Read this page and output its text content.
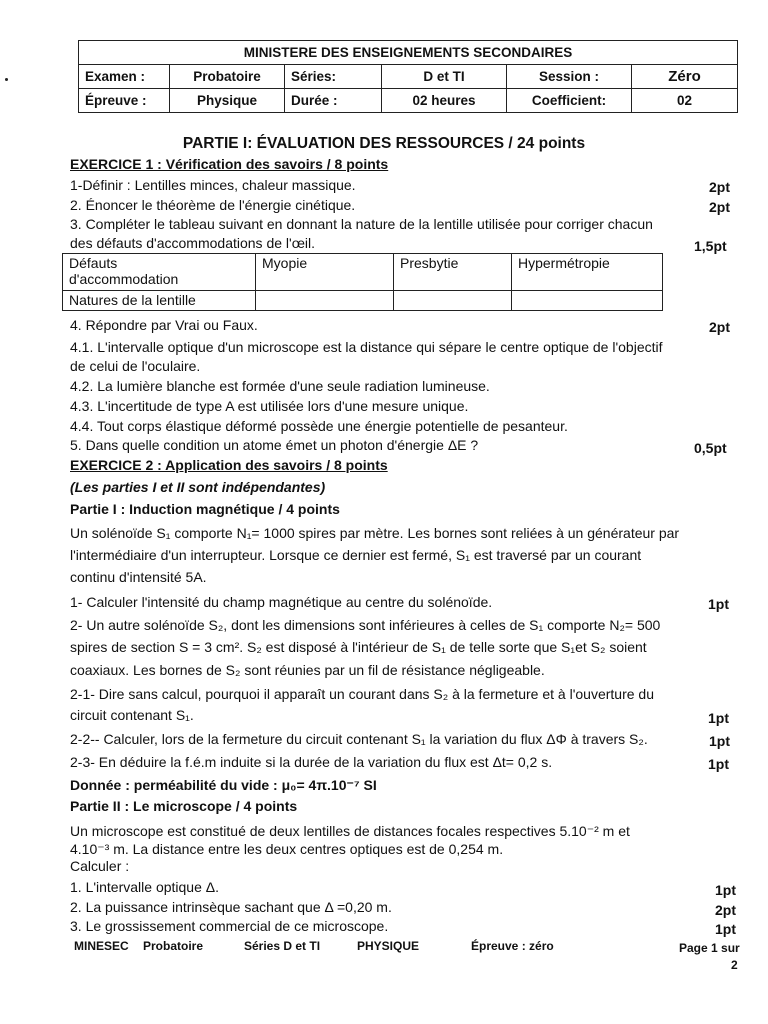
MINISTERE DES ENSEIGNEMENTS SECONDAIRES					
Examen :	Probatoire	Séries:	D et TI	Session :	Zéro
Épreuve :	Physique	Durée :	02 heures	Coefficient:	02
PARTIE I: ÉVALUATION DES RESSOURCES / 24 points
EXERCICE 1 : Vérification des savoirs / 8 points
1-Définir : Lentilles minces, chaleur massique.	2pt
2. Énoncer le théorème de l'énergie cinétique.	2pt
3. Compléter le tableau suivant en donnant la nature de la lentille utilisée pour corriger chacun
des défauts d'accommodations de l'œil.	1,5pt
Défauts
d'accommodation	Myopie	Presbytie	Hypermétropie
Natures de la lentille			
4. Répondre par Vrai ou Faux.	2pt
4.1. L'intervalle optique d'un microscope est la distance qui sépare le centre optique de l'objectif
de celui de l'oculaire.
4.2. La lumière blanche est formée d'une seule radiation lumineuse.
4.3. L'incertitude de type A est utilisée lors d'une mesure unique.
4.4. Tout corps élastique déformé possède une énergie potentielle de pesanteur.
5. Dans quelle condition un atome émet un photon d'énergie ΔE ?	0,5pt
EXERCICE 2 : Application des savoirs / 8 points
(Les parties I et II sont indépendantes)
Partie I : Induction magnétique / 4 points
Un solénoïde S₁ comporte N₁= 1000 spires par mètre. Les bornes sont reliées à un générateur par
l'intermédiaire d'un interrupteur. Lorsque ce dernier est fermé, S₁ est traversé par un courant
continu d'intensité 5A.
1- Calculer l'intensité du champ magnétique au centre du solénoïde.	1pt
2- Un autre solénoïde S₂, dont les dimensions sont inférieures à celles de S₁ comporte N₂= 500
spires de section S = 3 cm². S₂ est disposé à l'intérieur de S₁ de telle sorte que S₁et S₂ soient
coaxiaux. Les bornes de S₂ sont réunies par un fil de résistance négligeable.
2-1- Dire sans calcul, pourquoi il apparaît un courant dans S₂ à la fermeture et à l'ouverture du
circuit contenant S₁.	1pt
2-2-- Calculer, lors de la fermeture du circuit contenant S₁ la variation du flux ΔΦ à travers S₂.	1pt
2-3- En déduire la f.é.m induite si la durée de la variation du flux est Δt= 0,2 s.	1pt
Donnée : perméabilité du vide : μ₀= 4π.10⁻⁷ SI
Partie II : Le microscope / 4 points
Un microscope est constitué de deux lentilles de distances focales respectives 5.10⁻² m et
4.10⁻³ m. La distance entre les deux centres optiques est de 0,254 m.
Calculer :
1. L'intervalle optique Δ.	1pt
2. La puissance intrinsèque sachant que Δ =0,20 m.	2pt
3. Le grossissement commercial de ce microscope.	1pt
MINESEC Probatoire	Séries D et TI	PHYSIQUE	Épreuve : zéro	Page 1 sur
2
